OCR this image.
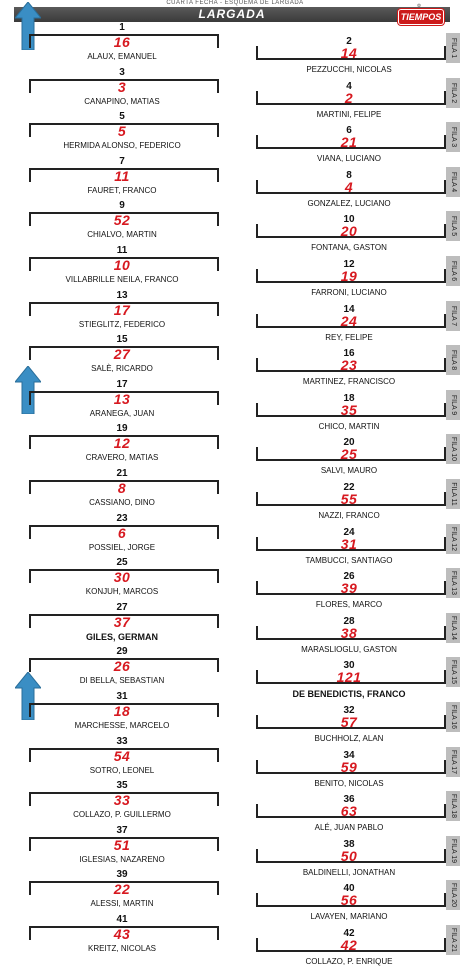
CUARTA FECHA - ESQUEMA DE LARGADA
LARGADA
♔
TIEMPOS
1
16
ALAUX, EMANUEL
2
14
PEZZUCCHI, NICOLAS
3
3
CANAPINO, MATIAS
4
2
MARTINI, FELIPE
5
5
HERMIDA ALONSO, FEDERICO
6
21
VIANA, LUCIANO
7
11
FAURET, FRANCO
8
4
GONZALEZ, LUCIANO
9
52
CHIALVO, MARTIN
10
20
FONTANA, GASTON
11
10
VILLABRILLE NEILA, FRANCO
12
19
FARRONI, LUCIANO
13
17
STIEGLITZ, FEDERICO
14
24
REY, FELIPE
15
27
SALÈ, RICARDO
16
23
MARTINEZ, FRANCISCO
17
13
ARANEGA, JUAN
18
35
CHICO, MARTIN
19
12
CRAVERO, MATIAS
20
25
SALVI, MAURO
21
8
CASSIANO, DINO
22
55
NAZZI, FRANCO
23
6
POSSIEL, JORGE
24
31
TAMBUCCI, SANTIAGO
25
30
KONJUH, MARCOS
26
39
FLORES, MARCO
27
37
GILES, GERMAN
28
38
MARASLIOGLU, GASTON
29
26
DI BELLA, SEBASTIAN
30
121
DE BENEDICTIS, FRANCO
31
18
MARCHESSE, MARCELO
32
57
BUCHHOLZ, ALAN
33
54
SOTRO, LEONEL
34
59
BENITO, NICOLAS
35
33
COLLAZO, P. GUILLERMO
36
63
ALÉ, JUAN PABLO
37
51
IGLESIAS, NAZARENO
38
50
BALDINELLI, JONATHAN
39
22
ALESSI, MARTIN
40
56
LAVAYEN, MARIANO
41
43
KREITZ, NICOLAS
42
42
COLLAZO, P. ENRIQUE
FILA 1
FILA 2
FILA 3
FILA 4
FILA 5
FILA 6
FILA 7
FILA 8
FILA 9
FILA 10
FILA 11
FILA 12
FILA 13
FILA 14
FILA 15
FILA 16
FILA 17
FILA 18
FILA 19
FILA 20
FILA 21
